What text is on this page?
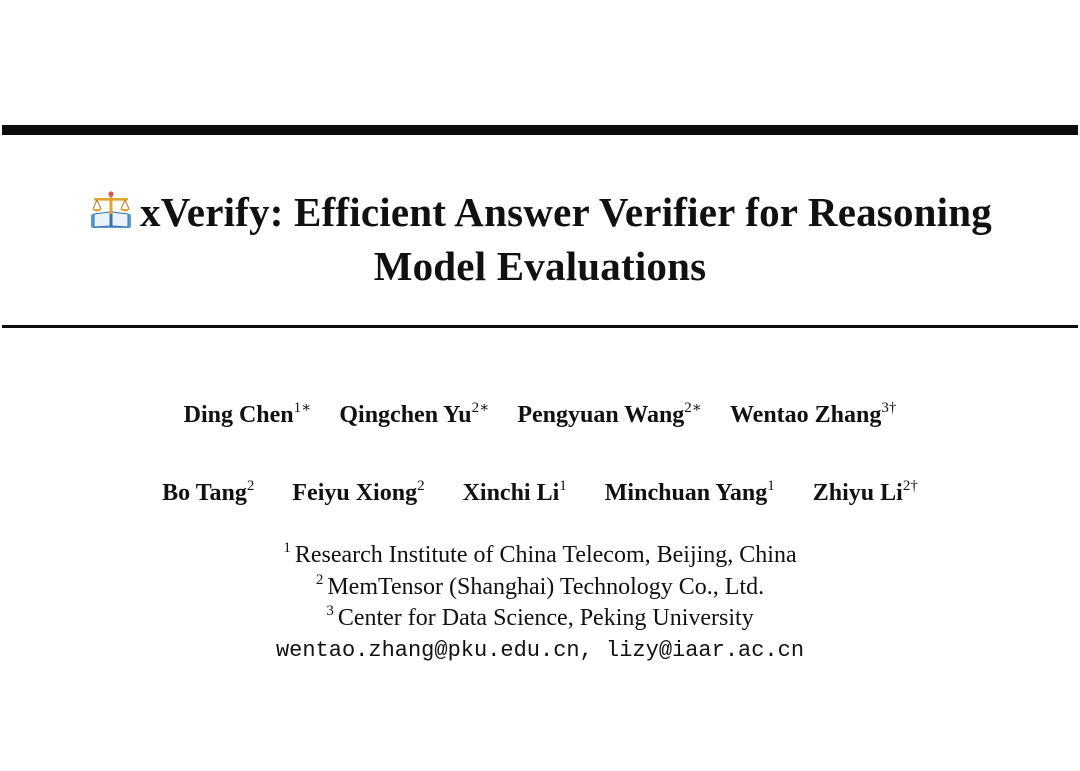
xVerify: Efficient Answer Verifier for Reasoning
Model Evaluations
Ding Chen$^{1∗}$ Qingchen $Yu^{2∗}$ Pengyuan Wang$^{2∗}$ Wentao Zhang$^{3\dagger}$
Bo Tang$^2$ Feiyu Xiong$^2$ Xinchi Li$^1$ Minchuan Yang$^1$ Zhiyu $Li^{2\dagger}$
$^1$ Research Institute of China Telecom, Beijing, China
$^2$ MemTensor (Shanghai) Technology Co., Ltd.
$^3$ Center for Data Science, Peking University
wentao.zhang@pku.edu.cn, lizy@iaar.ac.cn
